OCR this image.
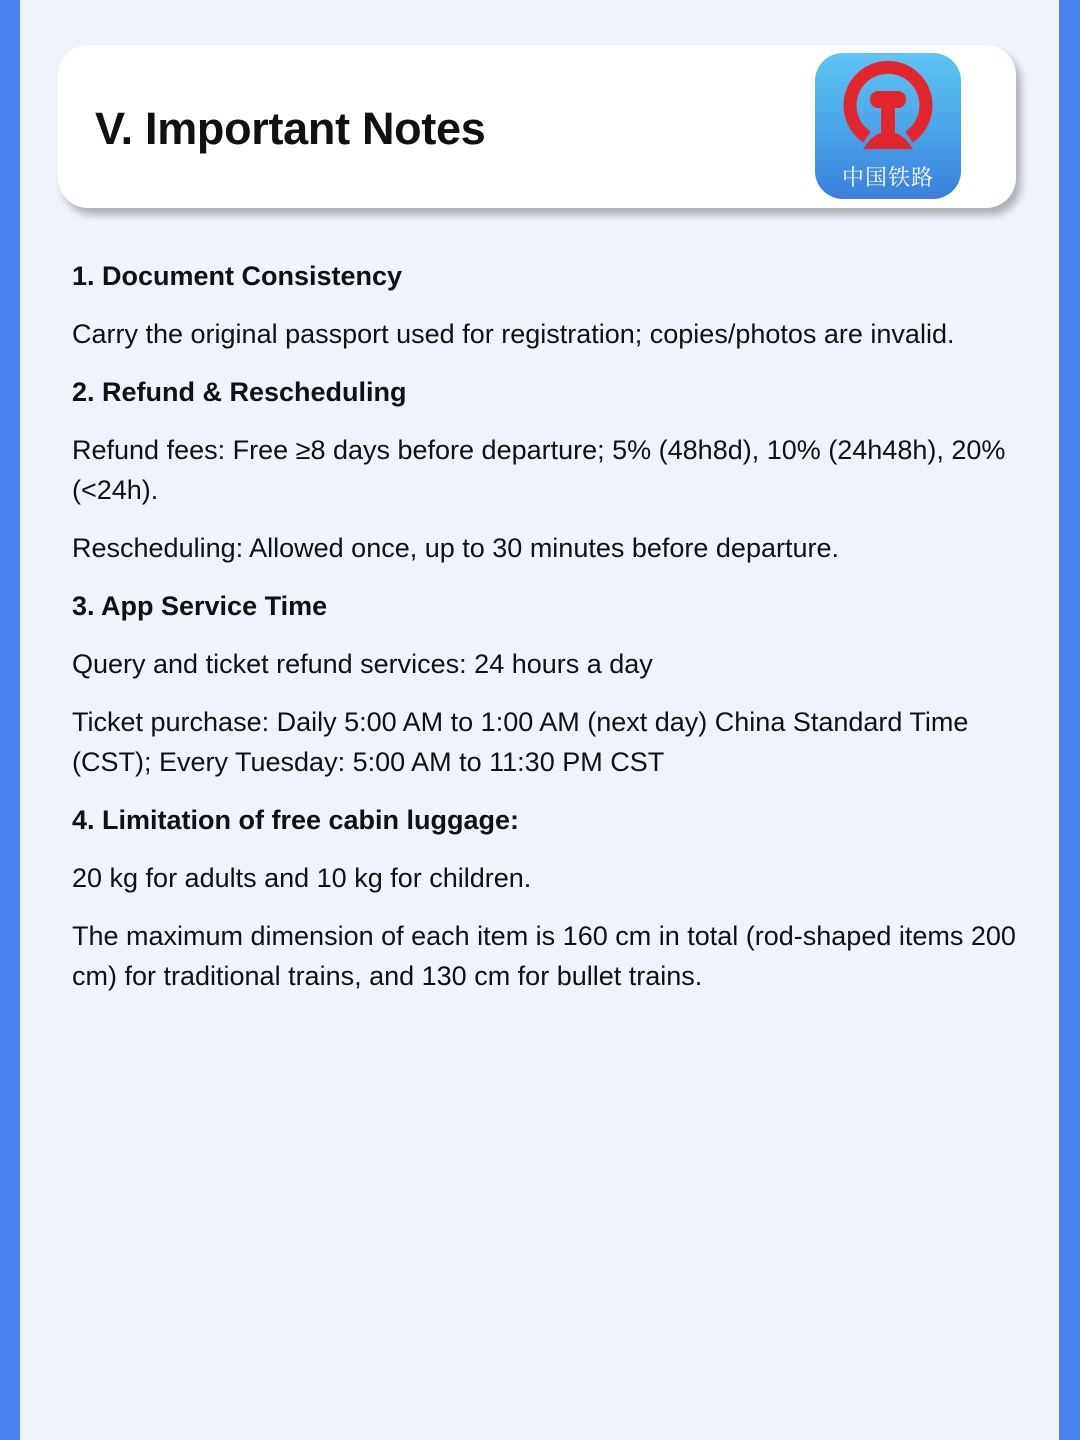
V. Important Notes
中国铁路
1. Document Consistency
Carry the original passport used for registration; copies/photos are invalid.
2. Refund & Rescheduling
Refund fees: Free ≥8 days before departure; 5% (48h8d), 10% (24h48h), 20% (<24h).
Rescheduling: Allowed once, up to 30 minutes before departure.
3. App Service Time
Query and ticket refund services: 24 hours a day
Ticket purchase: Daily 5:00 AM to 1:00 AM (next day) China Standard Time (CST); Every Tuesday: 5:00 AM to 11:30 PM CST
4. Limitation of free cabin luggage:
20 kg for adults and 10 kg for children.
The maximum dimension of each item is 160 cm in total (rod-shaped items 200 cm) for traditional trains, and 130 cm for bullet trains.
